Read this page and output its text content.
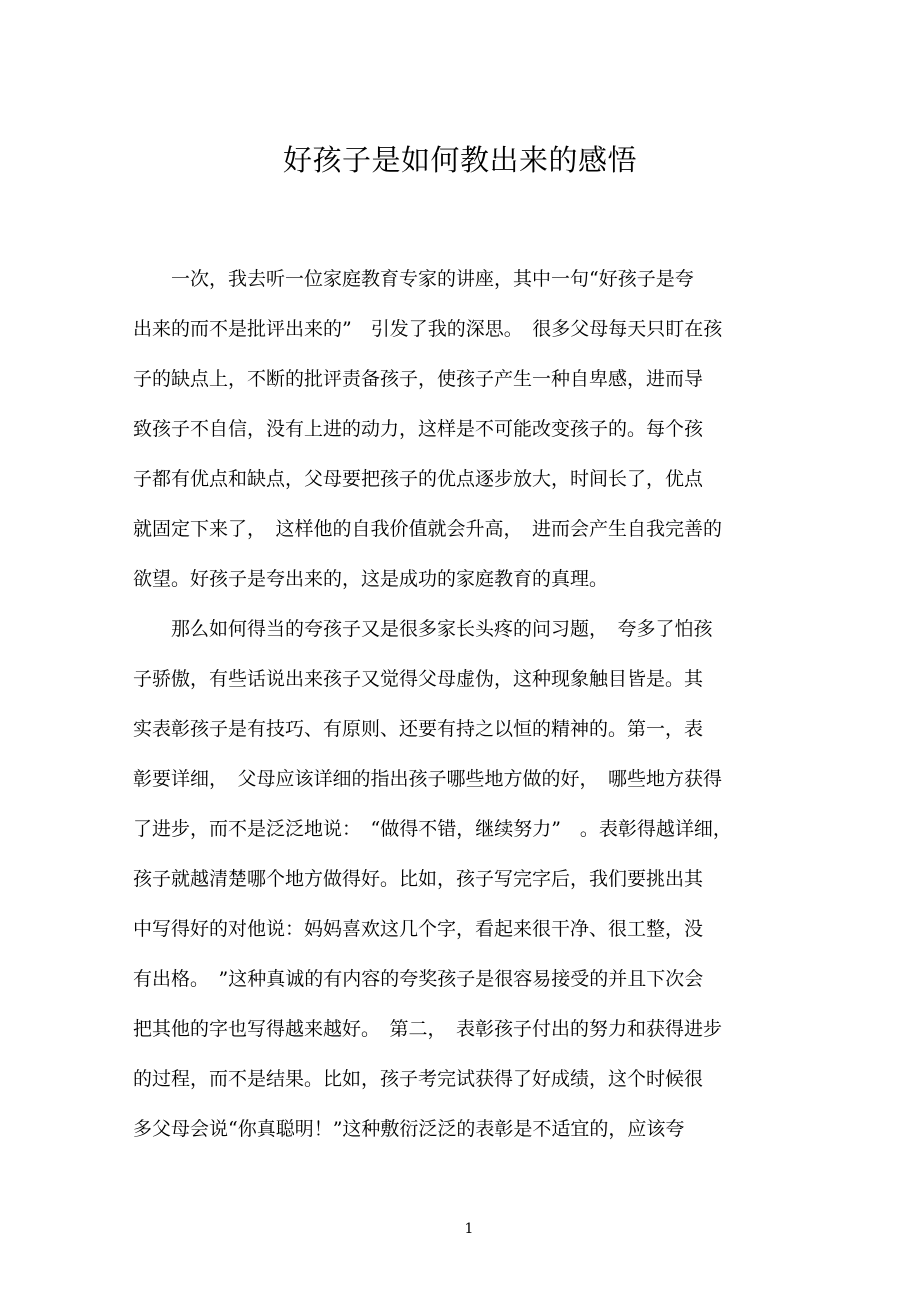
好孩子是如何教出来的感悟
　　一次，我去听一位家庭教育专家的讲座，其中一句“好孩子是夸
出来的而不是批评出来的”　引发了我的深思。　很多父母每天只盯在孩
子的缺点上，不断的批评责备孩子，使孩子产生一种自卑感，进而导
致孩子不自信，没有上进的动力，这样是不可能改变孩子的。每个孩
子都有优点和缺点，父母要把孩子的优点逐步放大，时间长了，优点
就固定下来了，　这样他的自我价值就会升高，　进而会产生自我完善的
欲望。好孩子是夸出来的，这是成功的家庭教育的真理。
　　那么如何得当的夸孩子又是很多家长头疼的问习题，　夸多了怕孩
子骄傲，有些话说出来孩子又觉得父母虚伪，这种现象触目皆是。其
实表彰孩子是有技巧、有原则、还要有持之以恒的精神的。第一，表
彰要详细，　父母应该详细的指出孩子哪些地方做的好，　哪些地方获得
了进步，而不是泛泛地说：　“做得不错，继续努力”　。表彰得越详细，
孩子就越清楚哪个地方做得好。比如，孩子写完字后，我们要挑出其
中写得好的对他说：妈妈喜欢这几个字，看起来很干净、很工整，没
有出格。　”这种真诚的有内容的夸奖孩子是很容易接受的并且下次会
把其他的字也写得越来越好。　第二，　表彰孩子付出的努力和获得进步
的过程，而不是结果。比如，孩子考完试获得了好成绩，这个时候很
多父母会说“你真聪明！”这种敷衍泛泛的表彰是不适宜的，应该夸
1
